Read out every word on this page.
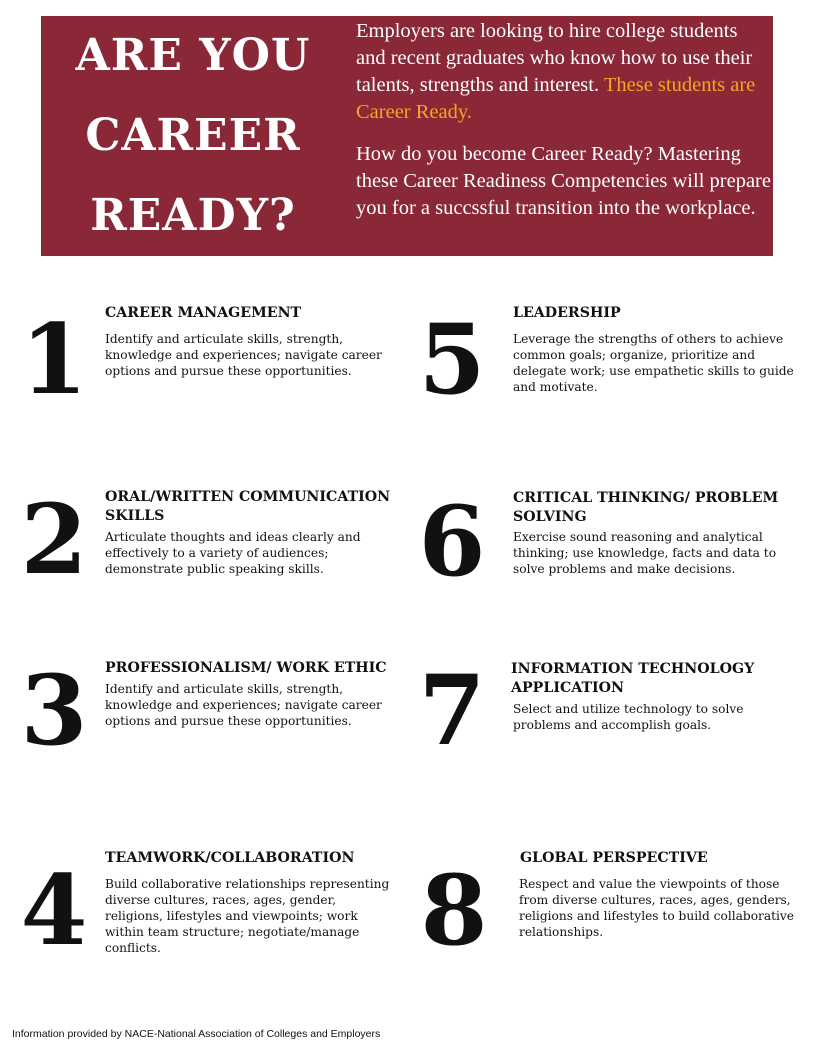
ARE YOU
CAREER
READY?

Employers are looking to hire college students and recent graduates who know how to use their talents, strengths and interest. These students are Career Ready.

How do you become Career Ready? Mastering these Career Readiness Competencies will prepare you for a succssful transition into the workplace.

1	CAREER MANAGEMENT

Identify and articulate skills, strength, knowledge and experiences; navigate career options and pursue these opportunities.

2	ORAL/WRITTEN COMMUNICATION SKILLS

Articulate thoughts and ideas clearly and effectively to a variety of audiences; demonstrate public speaking skills.

3	PROFESSIONALISM/ WORK ETHIC

Identify and articulate skills, strength, knowledge and experiences; navigate career options and pursue these opportunities.

4	TEAMWORK/COLLABORATION

Build collaborative relationships representing diverse cultures, races, ages, gender, religions, lifestyles and viewpoints; work within team structure; negotiate/manage conflicts.

5	LEADERSHIP

Leverage the strengths of others to achieve common goals; organize, prioritize and delegate work; use empathetic skills to guide and motivate.

6	CRITICAL THINKING/ PROBLEM SOLVING

Exercise sound reasoning and analytical thinking; use knowledge, facts and data to solve problems and make decisions.

7	INFORMATION TECHNOLOGY APPLICATION

Select and utilize technology to solve problems and accomplish goals.

8	GLOBAL PERSPECTIVE

Respect and value the viewpoints of those from diverse cultures, races, ages, genders, religions and lifestyles to build collaborative relationships.

Information provided by NACE-National Association of Colleges and Employers
